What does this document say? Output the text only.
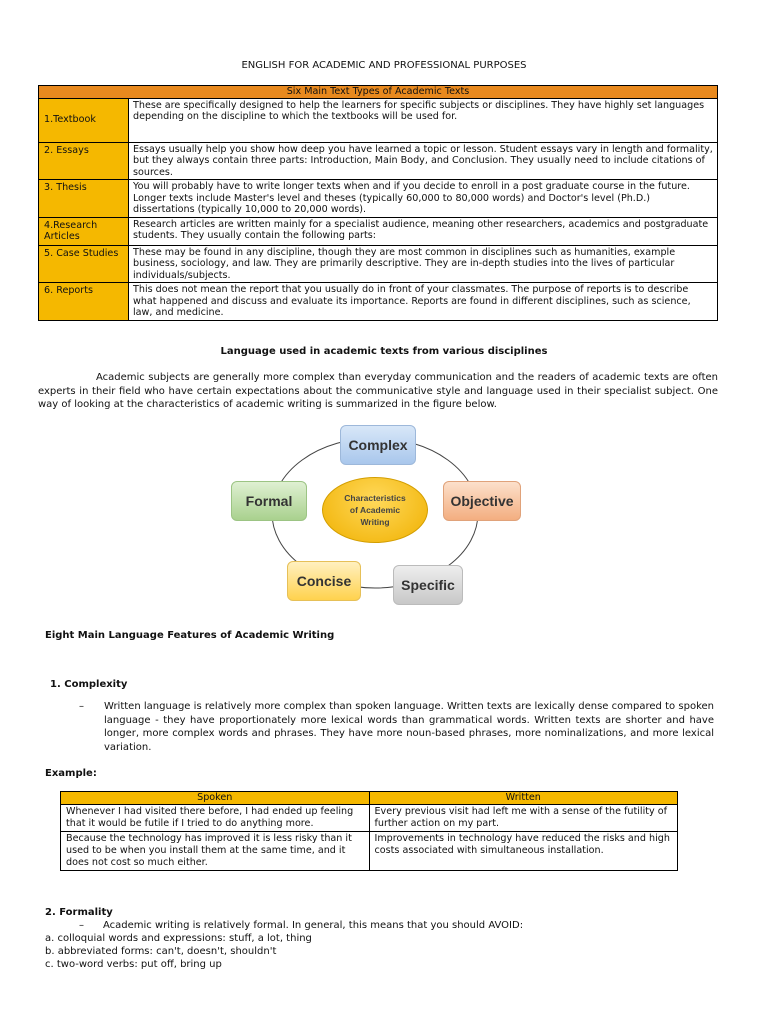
ENGLISH FOR ACADEMIC AND PROFESSIONAL PURPOSES
Six Main Text Types of Academic Texts	
1.Textbook	These are specifically designed to help the learners for specific subjects or disciplines. They have highly set languages depending on the discipline to which the textbooks will be used for.
2. Essays	Essays usually help you show how deep you have learned a topic or lesson. Student essays vary in length and formality, but they always contain three parts: Introduction, Main Body, and Conclusion. They usually need to include citations of sources.
3. Thesis	You will probably have to write longer texts when and if you decide to enroll in a post graduate course in the future. Longer texts include Master's level and theses (typically 60,000 to 80,000 words) and Doctor's level (Ph.D.) dissertations (typically 10,000 to 20,000 words).
4.Research Articles	Research articles are written mainly for a specialist audience, meaning other researchers, academics and postgraduate students. They usually contain the following parts:
5. Case Studies	These may be found in any discipline, though they are most common in disciplines such as humanities, example business, sociology, and law. They are primarily descriptive. They are in-depth studies into the lives of particular individuals/subjects.
6. Reports	This does not mean the report that you usually do in front of your classmates. The purpose of reports is to describe what happened and discuss and evaluate its importance. Reports are found in different disciplines, such as science, law, and medicine.
Language used in academic texts from various disciplines
Academic subjects are generally more complex than everyday communication and the readers of academic texts are often experts in their field who have certain expectations about the communicative style and language used in their specialist subject. One way of looking at the characteristics of academic writing is summarized in the figure below.
Complex
Objective
Specific
Concise
Formal	Characteristics of Academic Writing
Eight Main Language Features of Academic Writing
1. Complexity
– Written language is relatively more complex than spoken language. Written texts are lexically dense compared to spoken language - they have proportionately more lexical words than grammatical words. Written texts are shorter and have longer, more complex words and phrases. They have more noun-based phrases, more nominalizations, and more lexical variation.
Example:
Spoken	Written
Whenever I had visited there before, I had ended up feeling that it would be futile if I tried to do anything more.	Every previous visit had left me with a sense of the futility of further action on my part.
Because the technology has improved it is less risky than it used to be when you install them at the same time, and it does not cost so much either.	Improvements in technology have reduced the risks and high costs associated with simultaneous installation.
2. Formality
– Academic writing is relatively formal. In general, this means that you should AVOID:
a. colloquial words and expressions: stuff, a lot, thing
b. abbreviated forms: can't, doesn't, shouldn't
c. two-word verbs: put off, bring up
